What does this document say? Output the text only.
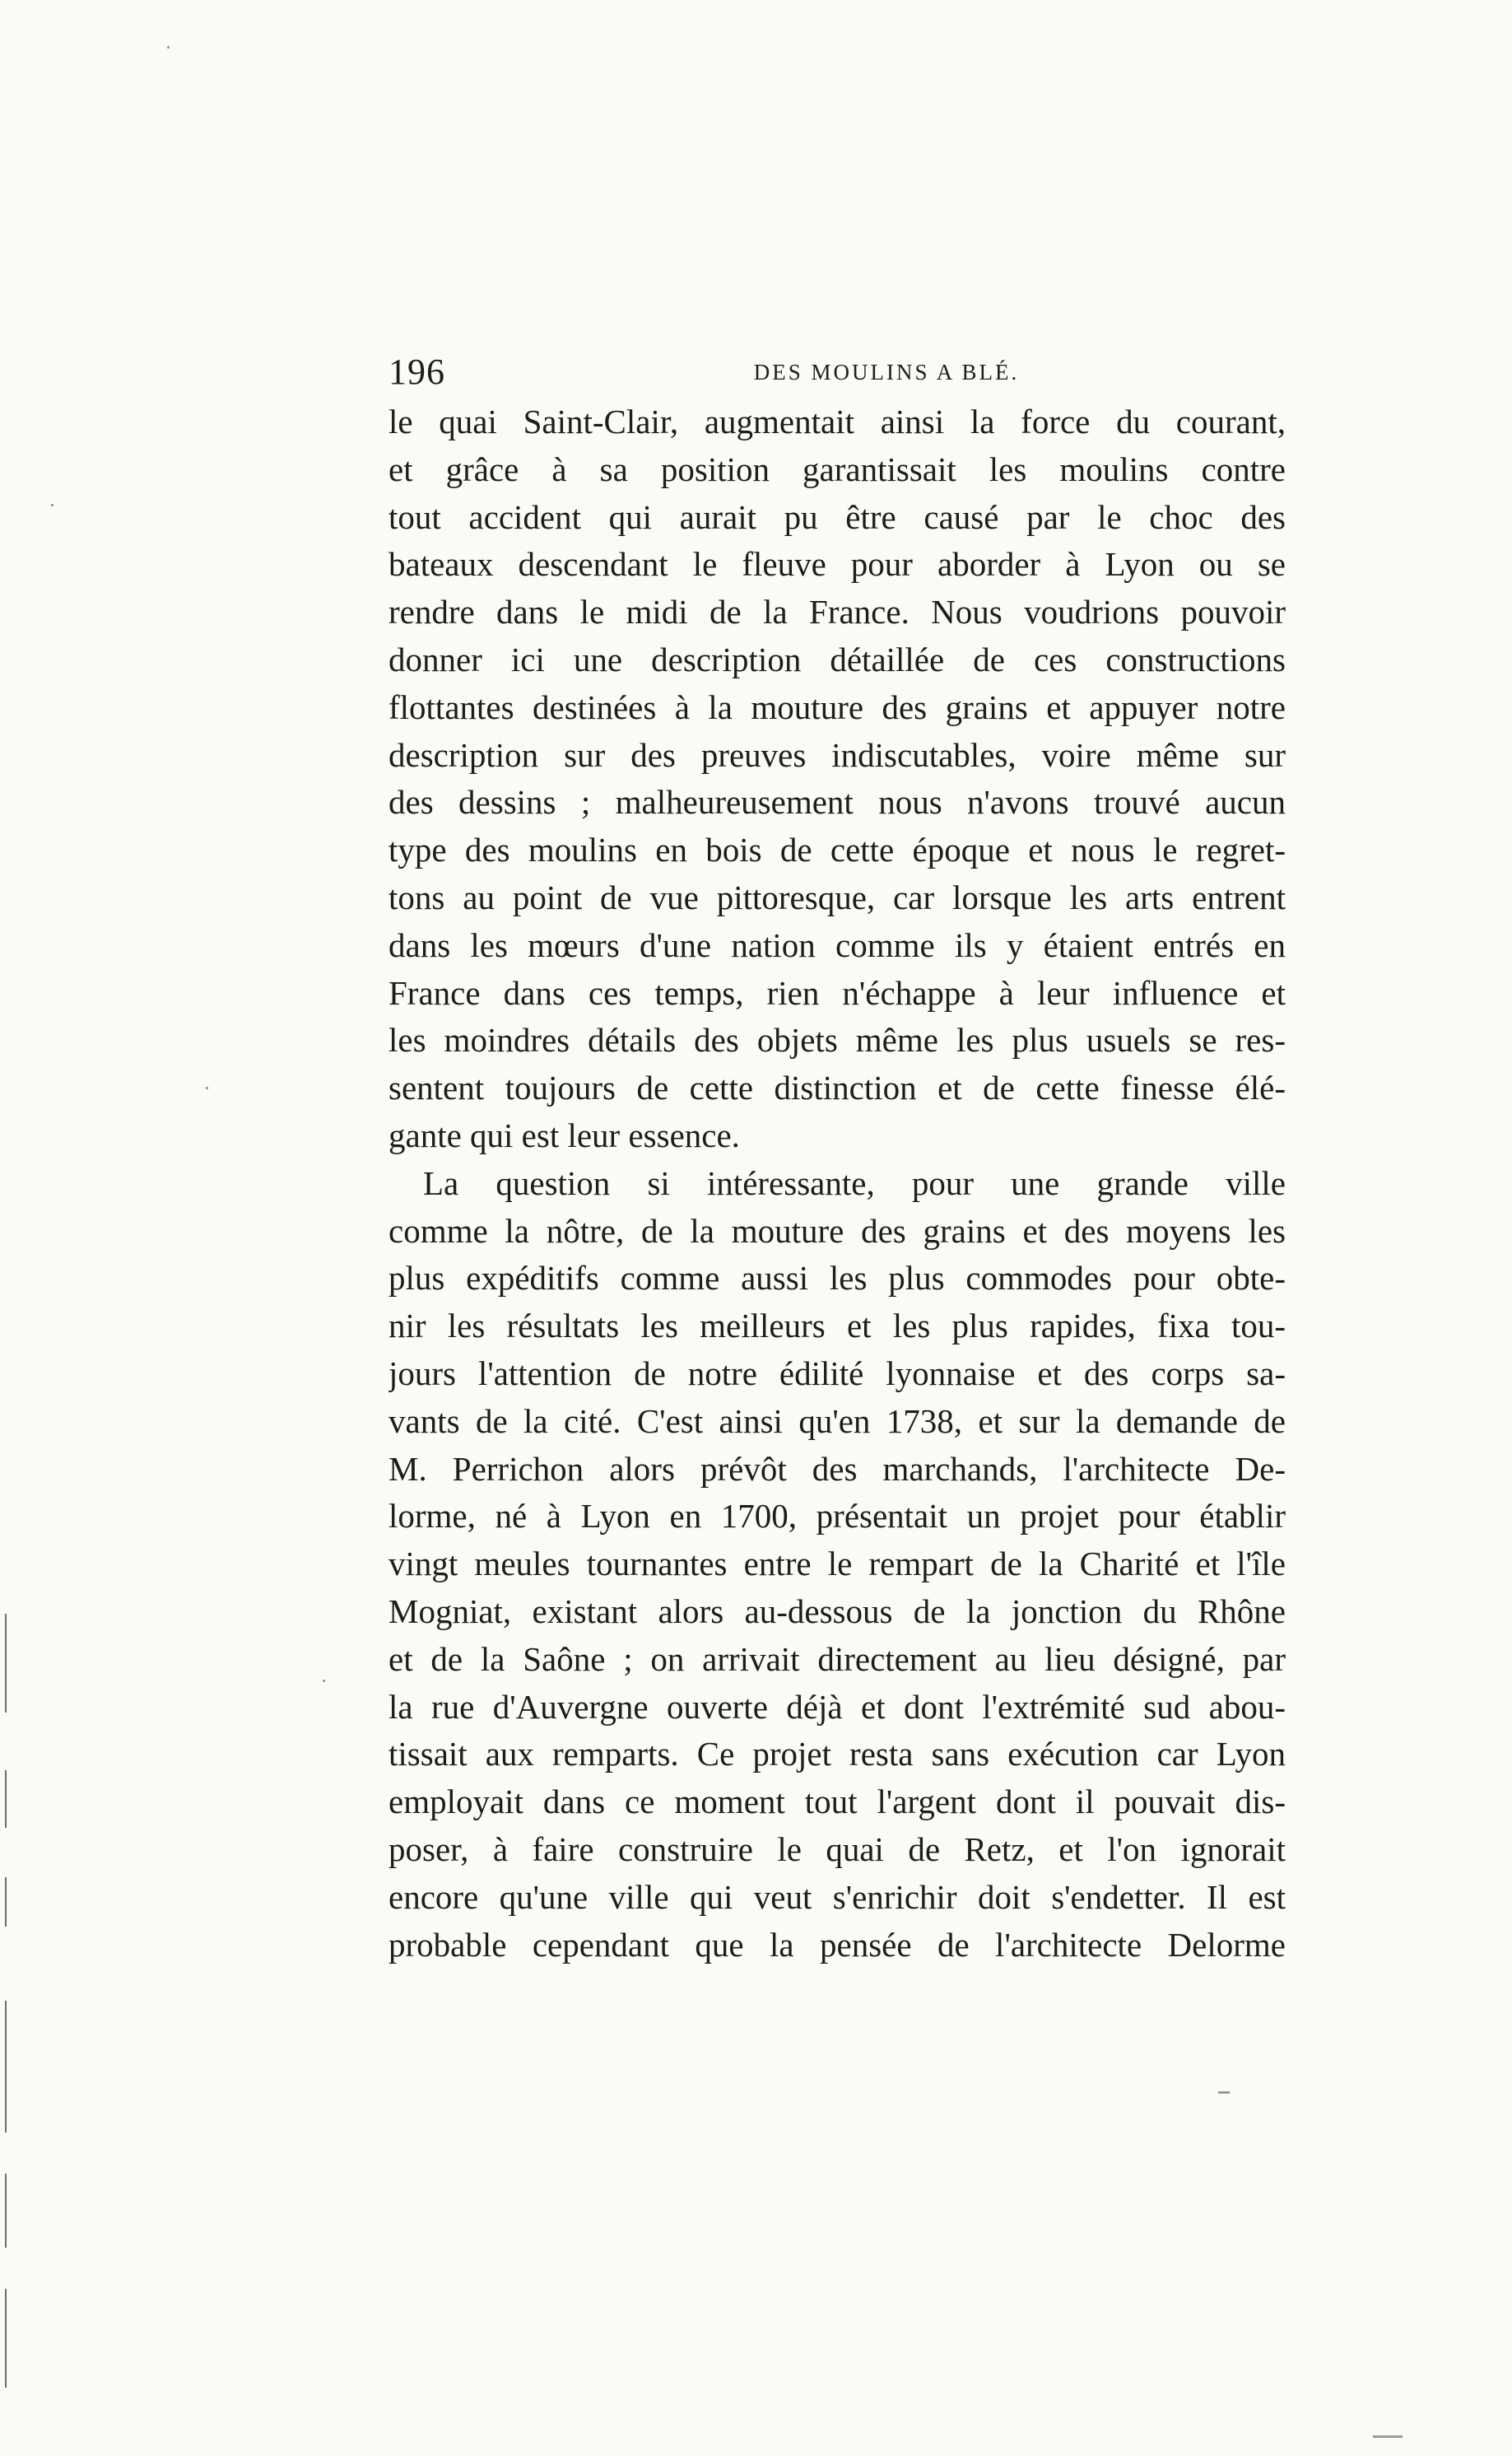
196	DES MOULINS A BLÉ.
le quai Saint-Clair, augmentait ainsi la force du courant,
et grâce à sa position garantissait les moulins contre
tout accident qui aurait pu être causé par le choc des
bateaux descendant le fleuve pour aborder à Lyon ou se
rendre dans le midi de la France. Nous voudrions pouvoir
donner ici une description détaillée de ces constructions
flottantes destinées à la mouture des grains et appuyer notre
description sur des preuves indiscutables, voire même sur
des dessins ; malheureusement nous n'avons trouvé aucun
type des moulins en bois de cette époque et nous le regret-
tons au point de vue pittoresque, car lorsque les arts entrent
dans les mœurs d'une nation comme ils y étaient entrés en
France dans ces temps, rien n'échappe à leur influence et
les moindres détails des objets même les plus usuels se res-
sentent toujours de cette distinction et de cette finesse élé-
gante qui est leur essence.
La question si intéressante, pour une grande ville
comme la nôtre, de la mouture des grains et des moyens les
plus expéditifs comme aussi les plus commodes pour obte-
nir les résultats les meilleurs et les plus rapides, fixa tou-
jours l'attention de notre édilité lyonnaise et des corps sa-
vants de la cité. C'est ainsi qu'en 1738, et sur la demande de
M. Perrichon alors prévôt des marchands, l'architecte De-
lorme, né à Lyon en 1700, présentait un projet pour établir
vingt meules tournantes entre le rempart de la Charité et l'île
Mogniat, existant alors au-dessous de la jonction du Rhône
et de la Saône ; on arrivait directement au lieu désigné, par
la rue d'Auvergne ouverte déjà et dont l'extrémité sud abou-
tissait aux remparts. Ce projet resta sans exécution car Lyon
employait dans ce moment tout l'argent dont il pouvait dis-
poser, à faire construire le quai de Retz, et l'on ignorait
encore qu'une ville qui veut s'enrichir doit s'endetter. Il est
probable cependant que la pensée de l'architecte Delorme
